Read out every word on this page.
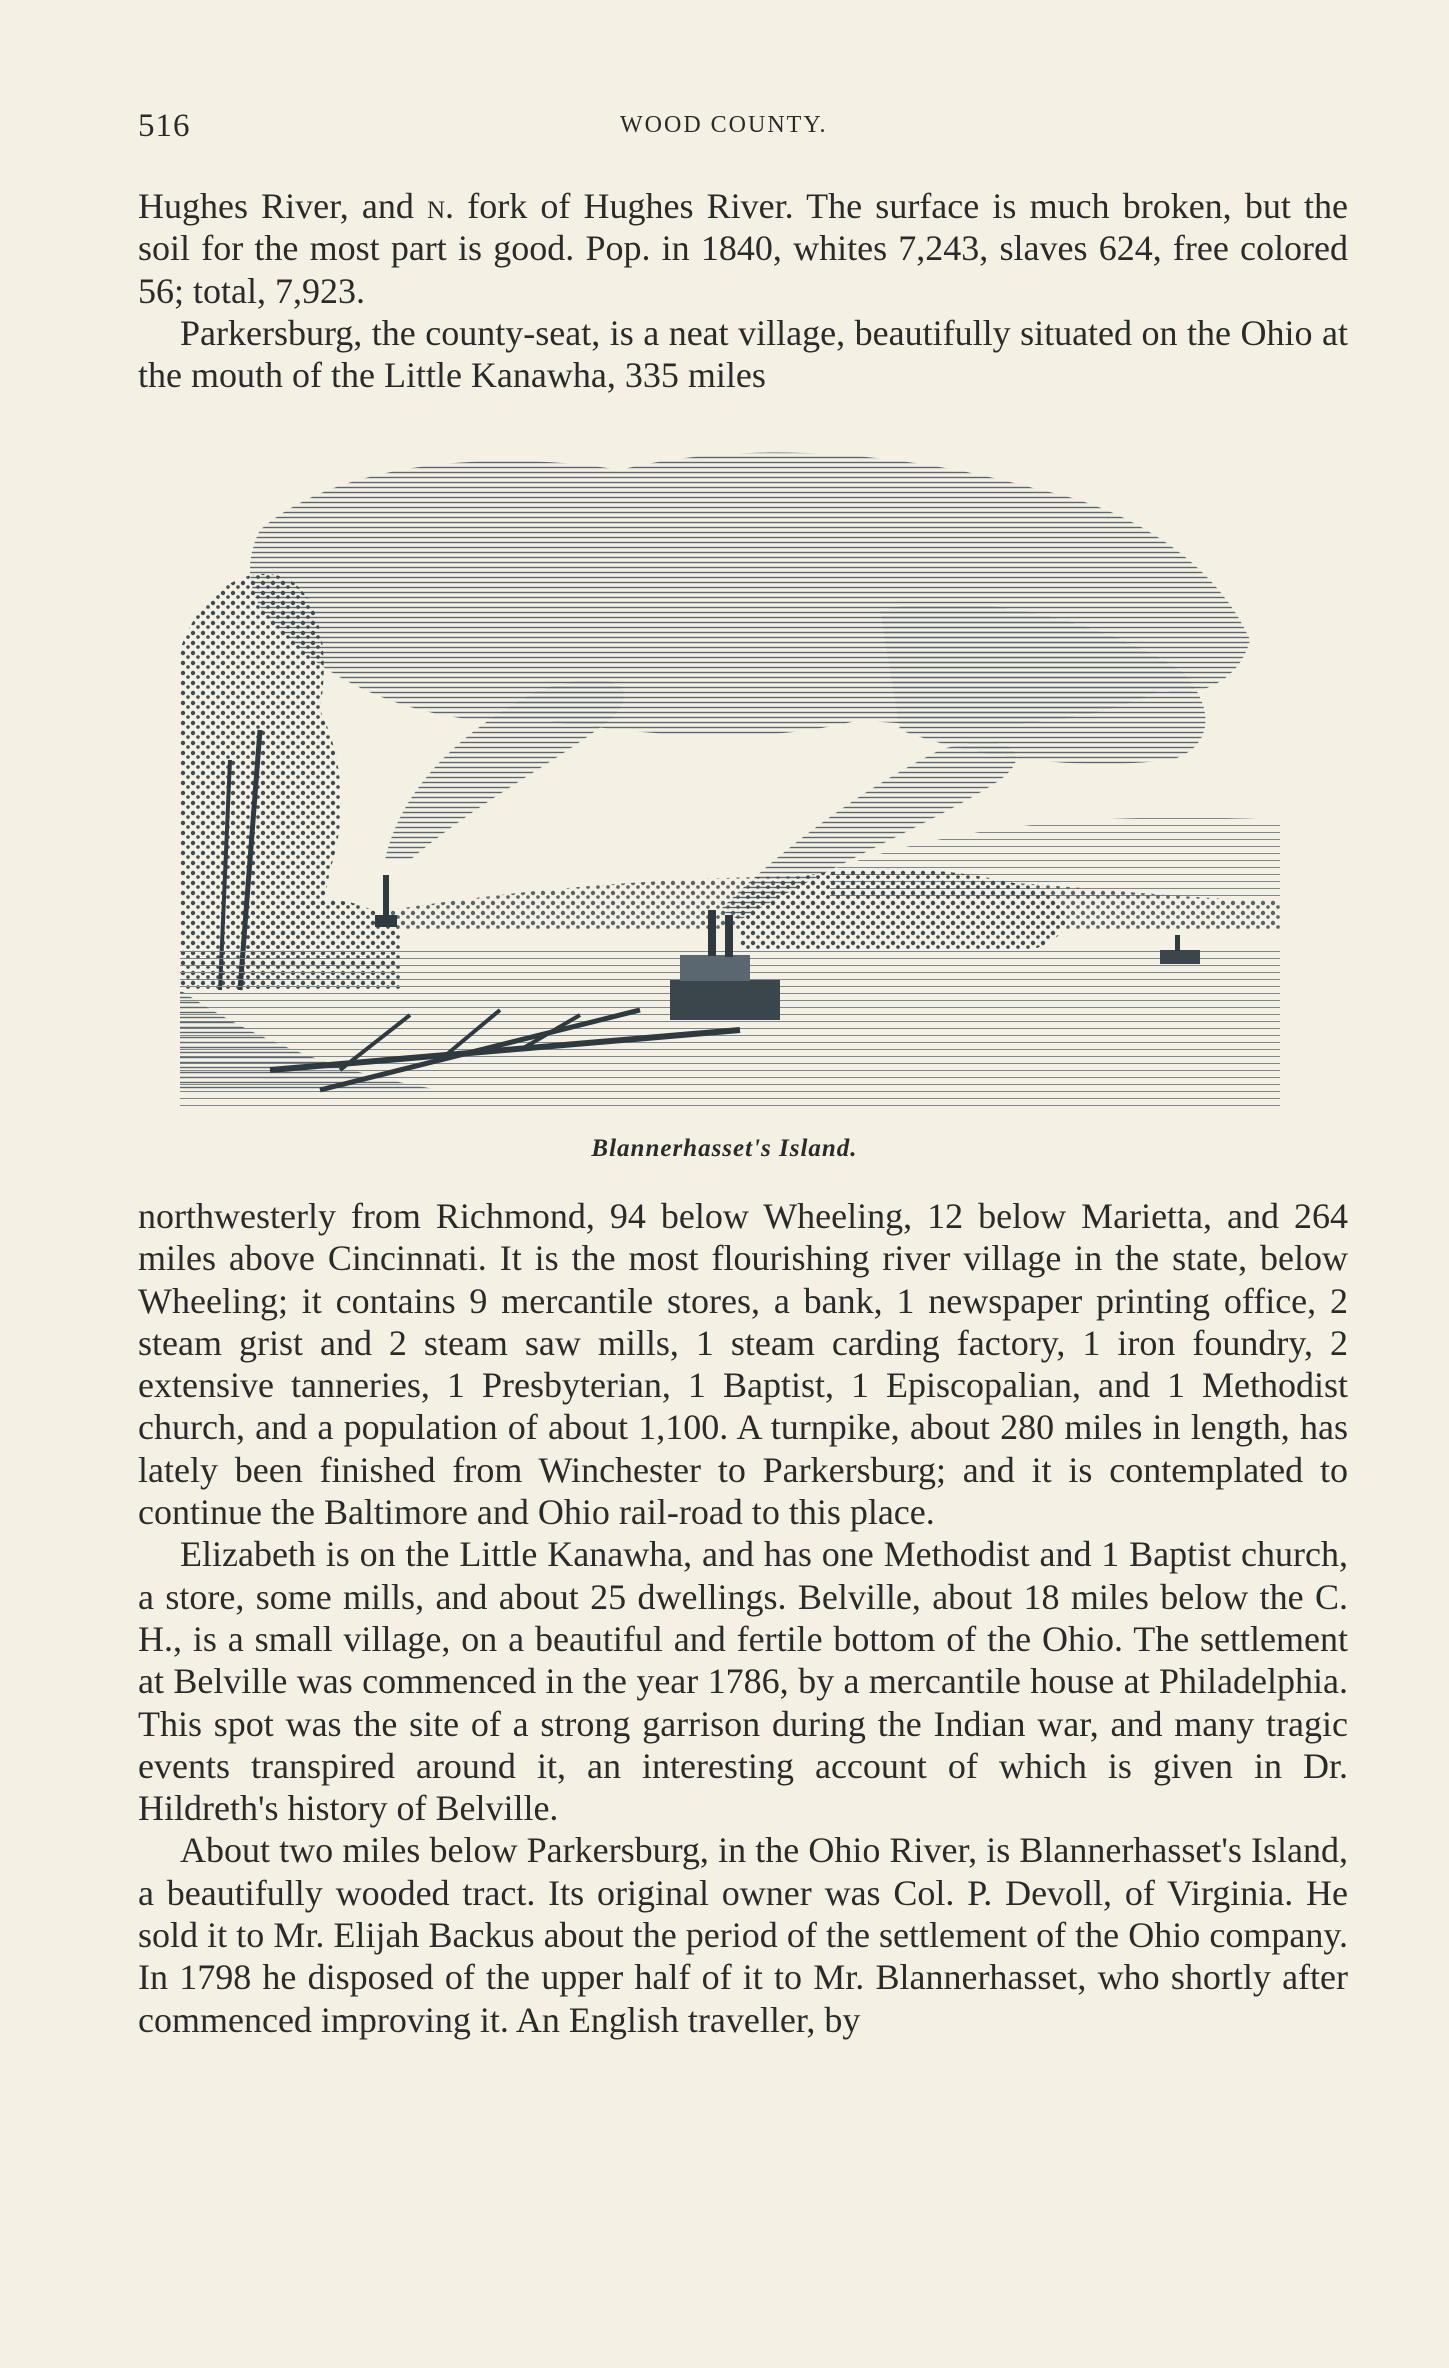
516	WOOD COUNTY.

Hughes River, and n. fork of Hughes River. The surface is much broken, but the soil for the most part is good. Pop. in 1840, whites 7,243, slaves 624, free colored 56; total, 7,923.

Parkersburg, the county-seat, is a neat village, beautifully situated on the Ohio at the mouth of the Little Kanawha, 335 miles

Blannerhasset's Island.

northwesterly from Richmond, 94 below Wheeling, 12 below Marietta, and 264 miles above Cincinnati. It is the most flourishing river village in the state, below Wheeling; it contains 9 mercantile stores, a bank, 1 newspaper printing office, 2 steam grist and 2 steam saw mills, 1 steam carding factory, 1 iron foundry, 2 extensive tanneries, 1 Presbyterian, 1 Baptist, 1 Episcopalian, and 1 Methodist church, and a population of about 1,100. A turnpike, about 280 miles in length, has lately been finished from Winchester to Parkersburg; and it is contemplated to continue the Baltimore and Ohio rail-road to this place.

Elizabeth is on the Little Kanawha, and has one Methodist and 1 Baptist church, a store, some mills, and about 25 dwellings. Belville, about 18 miles below the C. H., is a small village, on a beautiful and fertile bottom of the Ohio. The settlement at Belville was commenced in the year 1786, by a mercantile house at Philadelphia. This spot was the site of a strong garrison during the Indian war, and many tragic events transpired around it, an interesting account of which is given in Dr. Hildreth's history of Belville.

About two miles below Parkersburg, in the Ohio River, is Blannerhasset's Island, a beautifully wooded tract. Its original owner was Col. P. Devoll, of Virginia. He sold it to Mr. Elijah Backus about the period of the settlement of the Ohio company. In 1798 he disposed of the upper half of it to Mr. Blannerhasset, who shortly after commenced improving it. An English traveller, by
